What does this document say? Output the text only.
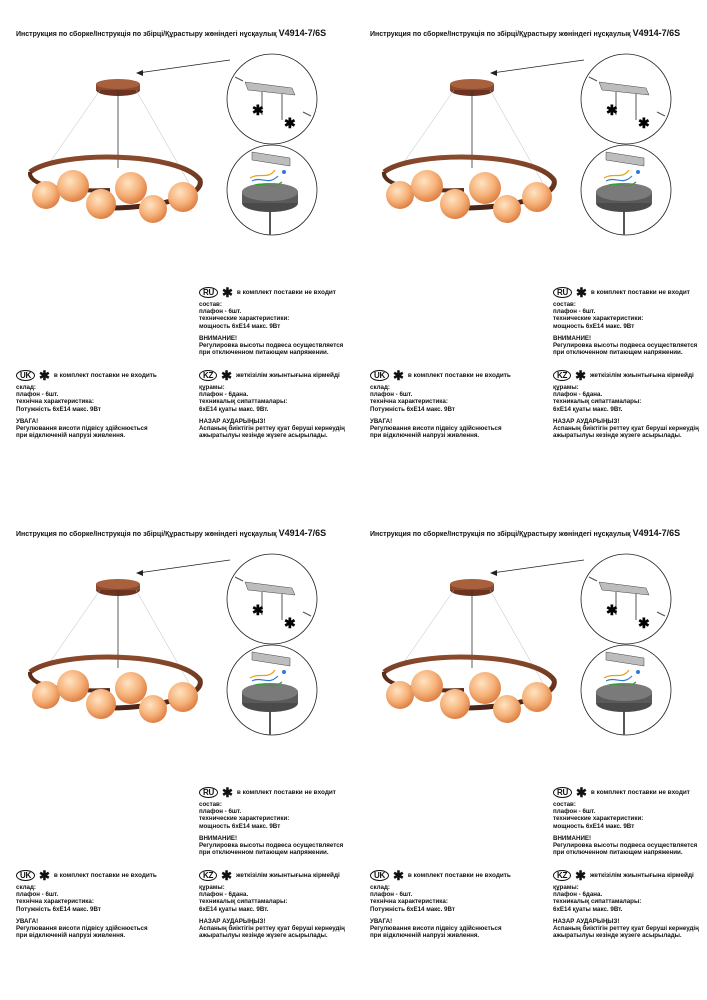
Инструкция по сборке/Інструкція по збірці/Құрастыру жөніндегі нұсқаулық V4914-7/6S
✱
✱
RU ✱ в комплект поставки не входит
состав:
плафон - 6шт.
технические характеристики:
мощность 6хЕ14 макс. 9Вт
ВНИМАНИЕ!
Регулировка высоты подвеса осуществляется
при отключенном питающем напряжении.
UK ✱ в комплект поставки не входить
склад:
плафон - 6шт.
технічна характеристика:
Потужність 6хЕ14 макс. 9Вт
УВАГА!
Регулювання висоти підвісу здійснюється
при відключеній напрузі живлення.
KZ ✱ жеткізілім жиынтығына кірмейді
құрамы:
плафон - 6дана.
техникалық сипаттамалары:
6хЕ14 қуаты макс. 9Вт.
НАЗАР АУДАРЫҢЫЗ!
Аспаның биіктігін реттеу қуат беруші кернеудің
ажыратылуы кезінде жүзеге асырылады.
Инструкция по сборке/Інструкція по збірці/Құрастыру жөніндегі нұсқаулық V4914-7/6S
✱
✱
RU ✱ в комплект поставки не входит
состав:
плафон - 6шт.
технические характеристики:
мощность 6хЕ14 макс. 9Вт
ВНИМАНИЕ!
Регулировка высоты подвеса осуществляется
при отключенном питающем напряжении.
UK ✱ в комплект поставки не входить
склад:
плафон - 6шт.
технічна характеристика:
Потужність 6хЕ14 макс. 9Вт
УВАГА!
Регулювання висоти підвісу здійснюється
при відключеній напрузі живлення.
KZ ✱ жеткізілім жиынтығына кірмейді
құрамы:
плафон - 6дана.
техникалық сипаттамалары:
6хЕ14 қуаты макс. 9Вт.
НАЗАР АУДАРЫҢЫЗ!
Аспаның биіктігін реттеу қуат беруші кернеудің
ажыратылуы кезінде жүзеге асырылады.
Инструкция по сборке/Інструкція по збірці/Құрастыру жөніндегі нұсқаулық V4914-7/6S
✱
✱
RU ✱ в комплект поставки не входит
состав:
плафон - 6шт.
технические характеристики:
мощность 6хЕ14 макс. 9Вт
ВНИМАНИЕ!
Регулировка высоты подвеса осуществляется
при отключенном питающем напряжении.
UK ✱ в комплект поставки не входить
склад:
плафон - 6шт.
технічна характеристика:
Потужність 6хЕ14 макс. 9Вт
УВАГА!
Регулювання висоти підвісу здійснюється
при відключеній напрузі живлення.
KZ ✱ жеткізілім жиынтығына кірмейді
құрамы:
плафон - 6дана.
техникалық сипаттамалары:
6хЕ14 қуаты макс. 9Вт.
НАЗАР АУДАРЫҢЫЗ!
Аспаның биіктігін реттеу қуат беруші кернеудің
ажыратылуы кезінде жүзеге асырылады.
Инструкция по сборке/Інструкція по збірці/Құрастыру жөніндегі нұсқаулық V4914-7/6S
✱
✱
RU ✱ в комплект поставки не входит
состав:
плафон - 6шт.
технические характеристики:
мощность 6хЕ14 макс. 9Вт
ВНИМАНИЕ!
Регулировка высоты подвеса осуществляется
при отключенном питающем напряжении.
UK ✱ в комплект поставки не входить
склад:
плафон - 6шт.
технічна характеристика:
Потужність 6хЕ14 макс. 9Вт
УВАГА!
Регулювання висоти підвісу здійснюється
при відключеній напрузі живлення.
KZ ✱ жеткізілім жиынтығына кірмейді
құрамы:
плафон - 6дана.
техникалық сипаттамалары:
6хЕ14 қуаты макс. 9Вт.
НАЗАР АУДАРЫҢЫЗ!
Аспаның биіктігін реттеу қуат беруші кернеудің
ажыратылуы кезінде жүзеге асырылады.
